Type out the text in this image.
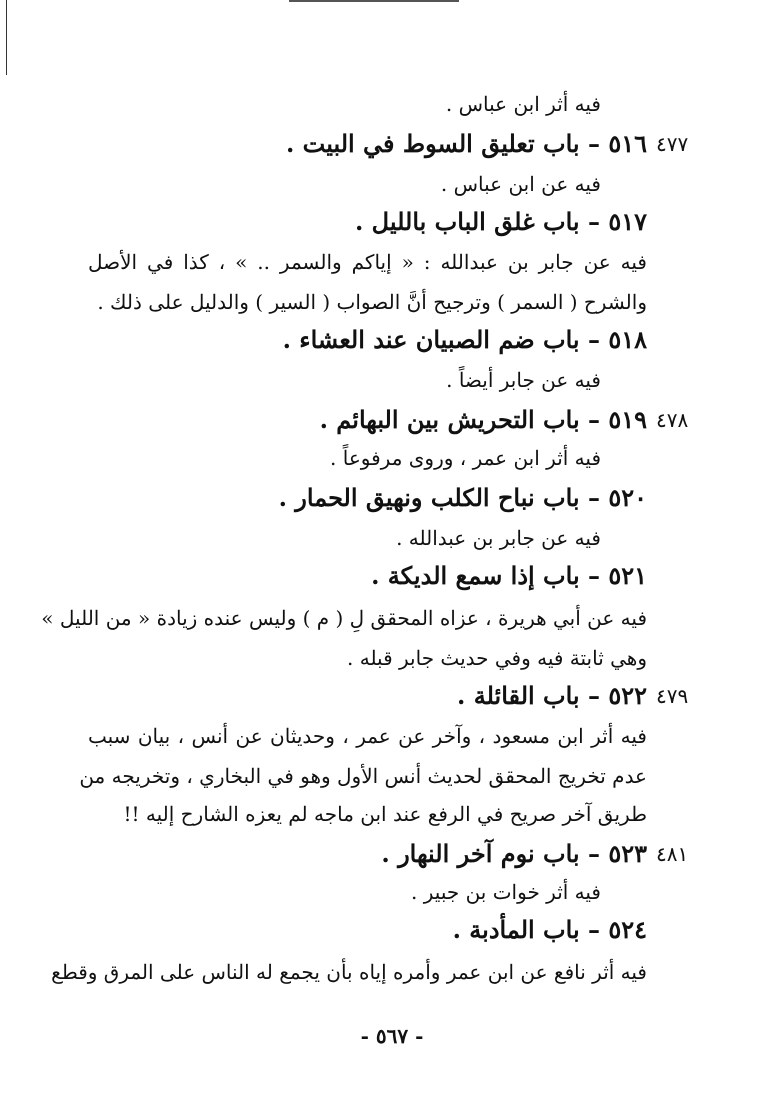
فيه أثر ابن عباس .
٥١٦ – باب تعليق السوط في البيت . ٤٧٧
فيه عن ابن عباس .
٥١٧ – باب غلق الباب بالليل .
فيه عن جابر بن عبدالله : « إياكم والسمر .. » ، كذا في الأصل
والشرح ( السمر ) وترجيح أنَّ الصواب ( السير ) والدليل على ذلك .
٥١٨ – باب ضم الصبيان عند العشاء .
فيه عن جابر أيضاً .
٥١٩ – باب التحريش بين البهائم . ٤٧٨
فيه أثر ابن عمر ، وروى مرفوعاً .
٥٢٠ – باب نباح الكلب ونهيق الحمار .
فيه عن جابر بن عبدالله .
٥٢١ – باب إذا سمع الديكة .
فيه عن أبي هريرة ، عزاه المحقق لِ ( م ) وليس عنده زيادة « من الليل »
وهي ثابتة فيه وفي حديث جابر قبله .
٥٢٢ – باب القائلة . ٤٧٩
فيه أثر ابن مسعود ، وآخر عن عمر ، وحديثان عن أنس ، بيان سبب
عدم تخريج المحقق لحديث أنس الأول وهو في البخاري ، وتخريجه من
طريق آخر صريح في الرفع عند ابن ماجه لم يعزه الشارح إليه !!
٥٢٣ – باب نوم آخر النهار . ٤٨١
فيه أثر خوات بن جبير .
٥٢٤ – باب المأدبة .
فيه أثر نافع عن ابن عمر وأمره إياه بأن يجمع له الناس على المرق وقطع
- ٥٦٧ -
